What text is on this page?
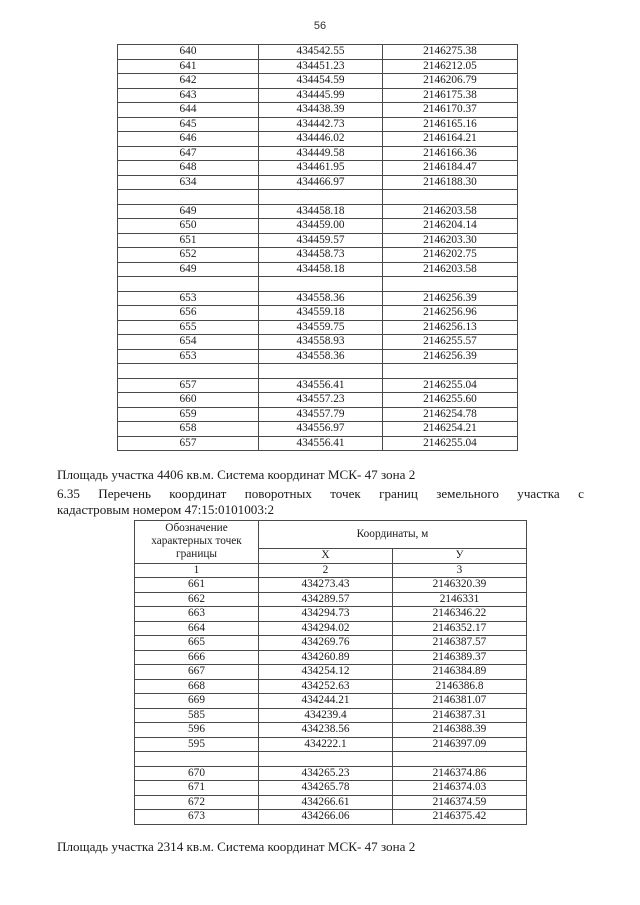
56
640	434542.55	2146275.38
641	434451.23	2146212.05
642	434454.59	2146206.79
643	434445.99	2146175.38
644	434438.39	2146170.37
645	434442.73	2146165.16
646	434446.02	2146164.21
647	434449.58	2146166.36
648	434461.95	2146184.47
634	434466.97	2146188.30

649	434458.18	2146203.58
650	434459.00	2146204.14
651	434459.57	2146203.30
652	434458.73	2146202.75
649	434458.18	2146203.58

653	434558.36	2146256.39
656	434559.18	2146256.96
655	434559.75	2146256.13
654	434558.93	2146255.57
653	434558.36	2146256.39

657	434556.41	2146255.04
660	434557.23	2146255.60
659	434557.79	2146254.78
658	434556.97	2146254.21
657	434556.41	2146255.04
Площадь участка 4406 кв.м. Система координат МСК- 47 зона 2
6.35 Перечень координат поворотных точек границ земельного участка с
кадастровым номером 47:15:0101003:2
Обозначение характерных точек границы	Координаты, м	
	X	У
1	2	3
661	434273.43	2146320.39
662	434289.57	2146331
663	434294.73	2146346.22
664	434294.02	2146352.17
665	434269.76	2146387.57
666	434260.89	2146389.37
667	434254.12	2146384.89
668	434252.63	2146386.8
669	434244.21	2146381.07
585	434239.4	2146387.31
596	434238.56	2146388.39
595	434222.1	2146397.09

670	434265.23	2146374.86
671	434265.78	2146374.03
672	434266.61	2146374.59
673	434266.06	2146375.42
Площадь участка 2314 кв.м. Система координат МСК- 47 зона 2
